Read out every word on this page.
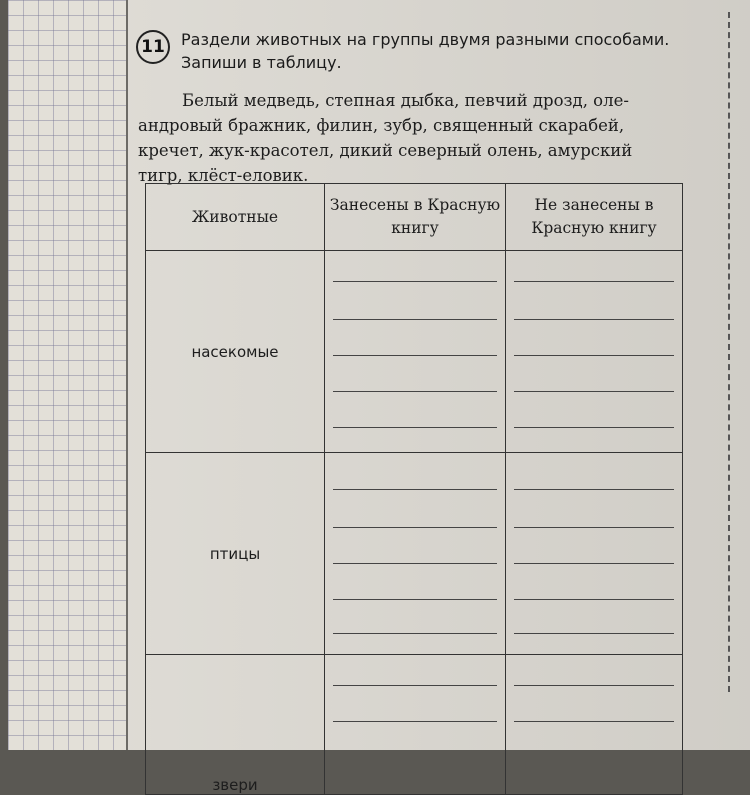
11	Раздели животных на группы двумя разными способами.
Запиши в таблицу.
Белый медведь, степная дыбка, певчий дрозд, оле-
андровый бражник, филин, зубр, священный скарабей,
кречет, жук-красотел, дикий северный олень, амурский
тигр, клёст-еловик.
Животные	Занесены в Красную книгу	Не занесены в Красную книгу
насекомые	

птицы	

звери	
